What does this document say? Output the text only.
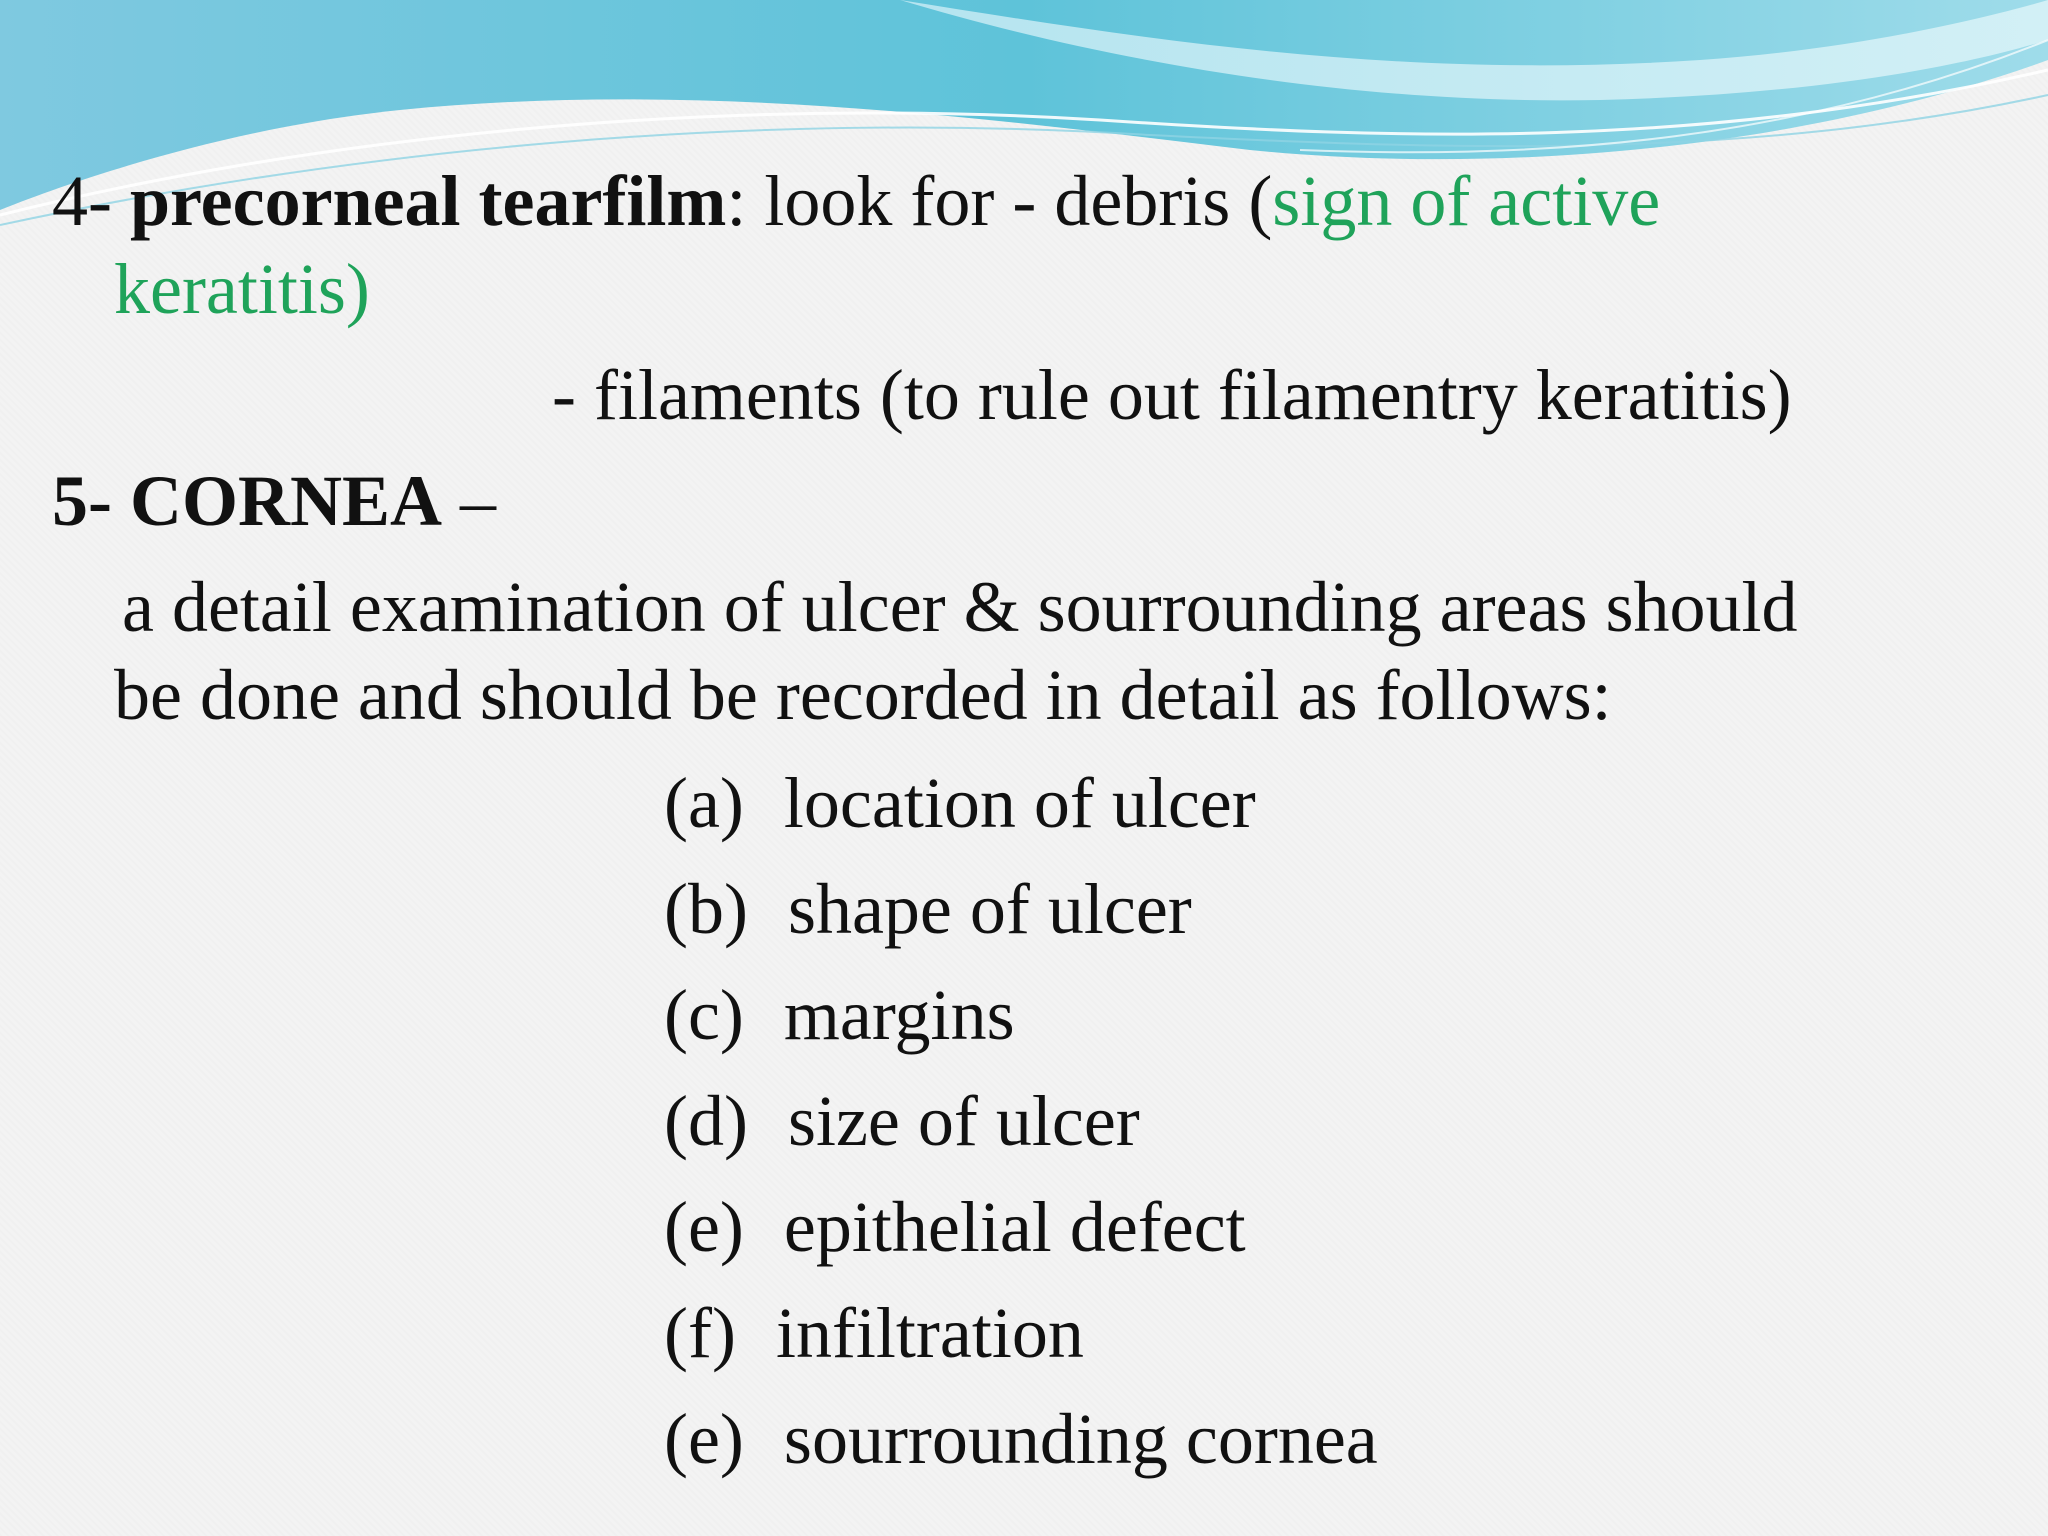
4- precorneal tearfilm: look for - debris (sign of active

keratitis)

- filaments (to rule out filamentry keratitis)

5- CORNEA –

a detail examination of ulcer & sourrounding areas should

be done and should be recorded in detail as follows:

(a) location of ulcer
(b) shape of ulcer
(c) margins
(d) size of ulcer
(e) epithelial defect
(f) infiltration
(e) sourrounding cornea
